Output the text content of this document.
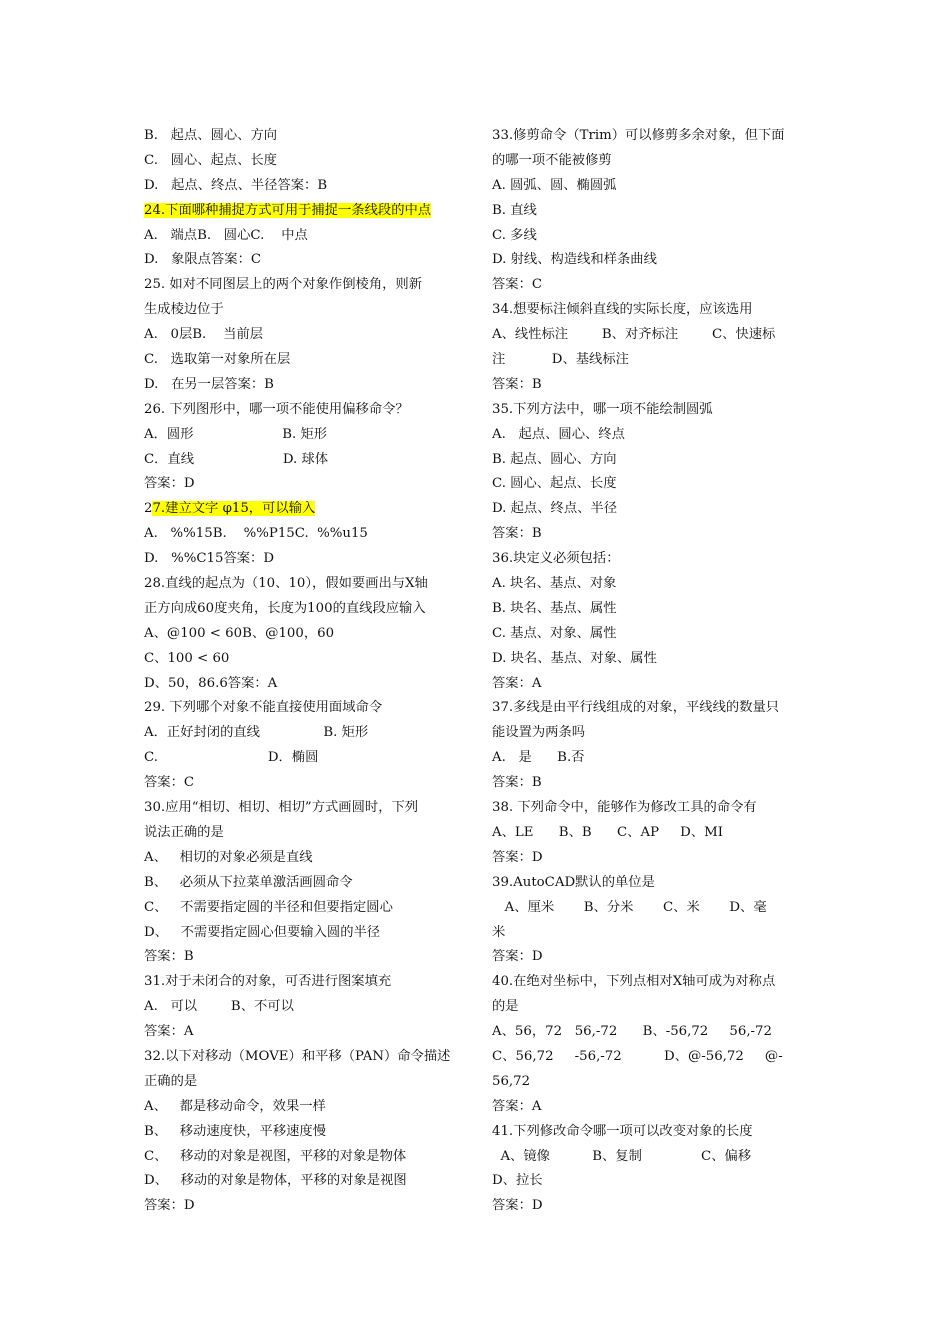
B.   起点、圆心、方向
C.   圆心、起点、长度
D.   起点、终点、半径答案：B
24.下面哪种捕捉方式可用于捕捉一条线段的中点
A.   端点B.   圆心C.    中点
D.   象限点答案：C
25. 如对不同图层上的两个对象作倒棱角，则新
生成棱边位于
A.   0层B.    当前层
C.   选取第一对象所在层
D.   在另一层答案：B
26. 下列图形中，哪一项不能使用偏移命令？
A．圆形                     B. 矩形
C．直线                     D. 球体
答案：D
27.建立文字 φ15，可以输入
A.   %%15B.    %%P15C.  %%u15
D.   %%C15答案：D
28.直线的起点为（10、10），假如要画出与X轴
正方向成60度夹角，长度为100的直线段应输入
A、@100 < 60B、@100，60
C、100 < 60
D、50，86.6答案：A
29. 下列哪个对象不能直接使用面域命令
A．正好封闭的直线               B. 矩形
C.                          D．椭圆
答案：C
30.应用“相切、相切、相切”方式画圆时，下列
说法正确的是
A、   相切的对象必须是直线
B、   必须从下拉菜单激活画圆命令
C、   不需要指定圆的半径和但要指定圆心
D、   不需要指定圆心但要输入圆的半径
答案：B
31.对于未闭合的对象，可否进行图案填充
A.   可以        B、不可以
答案：A
32.以下对移动（MOVE）和平移（PAN）命令描述
正确的是
A、   都是移动命令，效果一样
B、   移动速度快，平移速度慢
C、   移动的对象是视图，平移的对象是物体
D、   移动的对象是物体，平移的对象是视图
答案：D
33.修剪命令（Trim）可以修剪多余对象，但下面
的哪一项不能被修剪
A. 圆弧、圆、椭圆弧
B. 直线
C. 多线
D. 射线、构造线和样条曲线
答案：C
34.想要标注倾斜直线的实际长度，应该选用
A、线性标注        B、对齐标注        C、快速标
注           D、基线标注
答案：B
35.下列方法中，哪一项不能绘制圆弧
A.   起点、圆心、终点
B. 起点、圆心、方向
C. 圆心、起点、长度
D. 起点、终点、半径
答案：B
36.块定义必须包括：
A. 块名、基点、对象
B. 块名、基点、属性
C. 基点、对象、属性
D. 块名、基点、对象、属性
答案：A
37.多线是由平行线组成的对象，平线线的数量只
能设置为两条吗
A.   是      B.否
答案：B
38. 下列命令中，能够作为修改工具的命令有
A、LE      B、B      C、AP     D、MI
答案：D
39.AutoCAD默认的单位是
A、厘米       B、分米       C、米       D、毫
米
答案：D
40.在绝对坐标中，下列点相对X轴可成为对称点
的是
A、56，72   56,-72      B、-56,72     56,-72
C、56,72     -56,-72          D、@-56,72     @-
56,72
答案：A
41.下列修改命令哪一项可以改变对象的长度
A、镜像          B、复制              C、偏移
D、拉长
答案：D
